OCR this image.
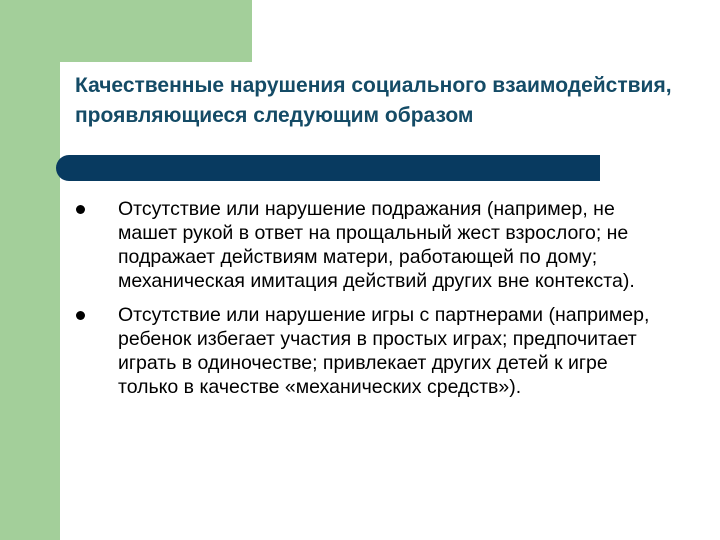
Качественные нарушения социального взаимодействия, проявляющиеся следующим образом
Отсутствие или нарушение подражания (например, не машет рукой в ответ на прощальный жест взрослого; не подражает действиям матери, работающей по дому; механическая имитация действий других вне контекста).
Отсутствие или нарушение игры с партнерами (например, ребенок избегает участия в простых играх; предпочитает играть в одиночестве; привлекает других детей к игре только в качестве «механических средств»).
